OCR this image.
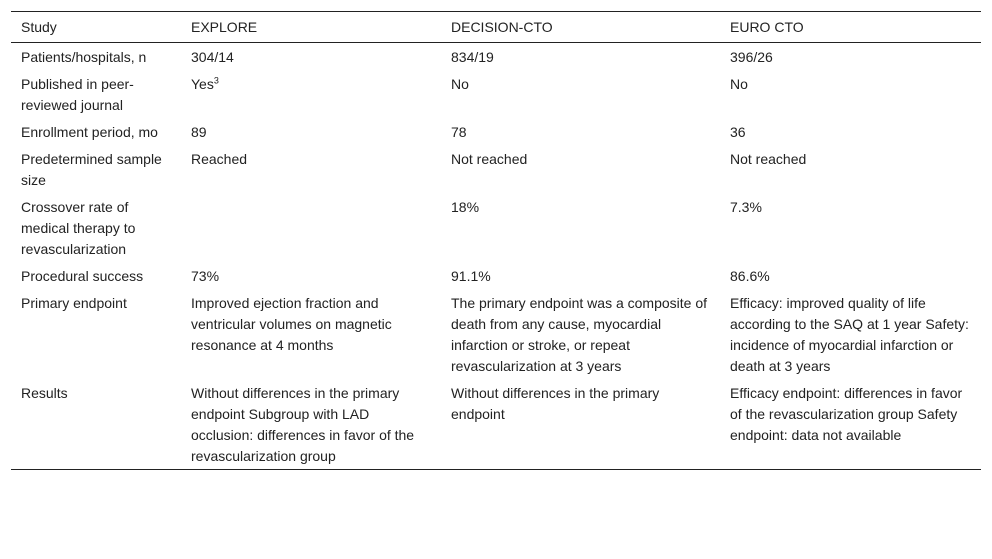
Study	EXPLORE	DECISION-CTO	EURO CTO
Patients/hospitals, n	304/14	834/19	396/26
Published in peer-reviewed journal	Yes$^3$	No	No
Enrollment period, mo	89	78	36
Predetermined sample size	Reached	Not reached	Not reached
Crossover rate of medical therapy to revascularization		18%	7.3%
Procedural success	73%	91.1%	86.6%
Primary endpoint	Improved ejection fraction and ventricular volumes on magnetic resonance at 4 months	The primary endpoint was a composite of death from any cause, myocardial infarction or stroke, or repeat revascularization at 3 years	Efficacy: improved quality of life according to the SAQ at 1 year Safety: incidence of myocardial infarction or death at 3 years
Results	Without differences in the primary endpoint Subgroup with LAD occlusion: differences in favor of the revascularization group	Without differences in the primary endpoint	Efficacy endpoint: differences in favor of the revascularization group Safety endpoint: data not available
